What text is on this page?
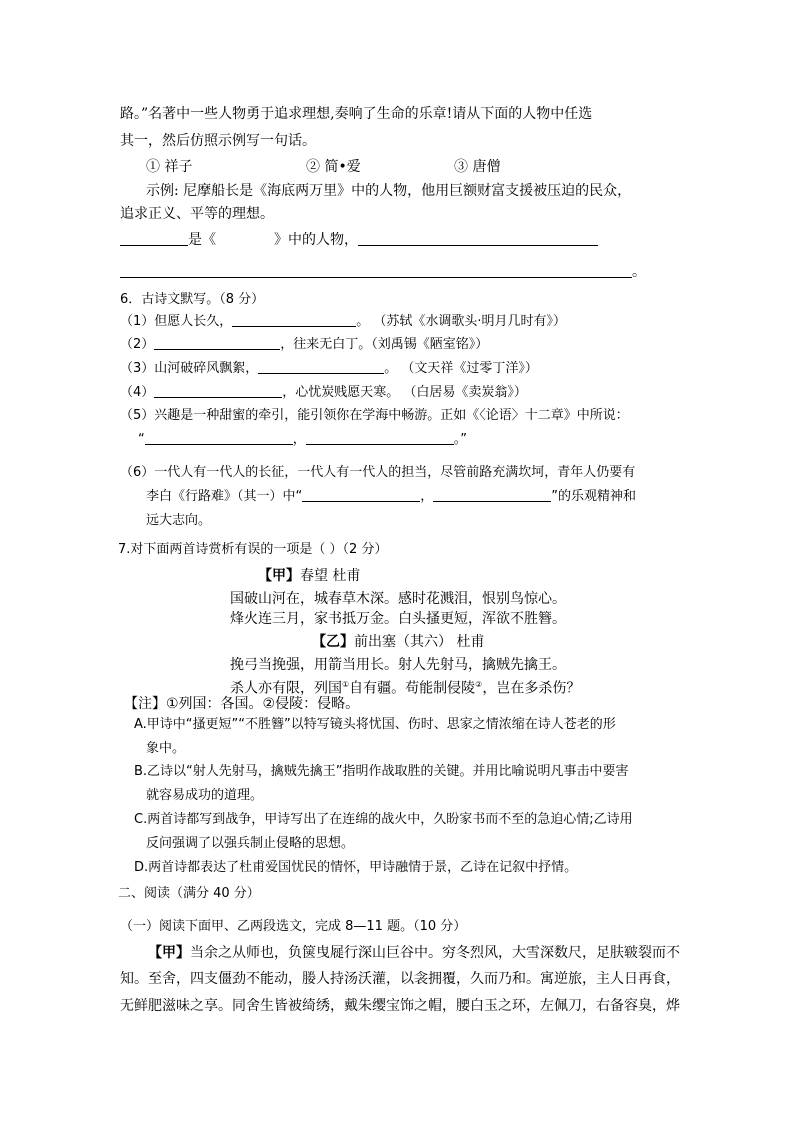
路。”名著中一些人物勇于追求理想,奏响了生命的乐章!请从下面的人物中任选
其一，然后仿照示例写一句话。
① 祥子	② 简•爱	③ 唐僧
示例: 尼摩船长是《海底两万里》中的人物，他用巨额财富支援被压迫的民众，
追求正义、平等的理想。
是《	》中的人物，
。
6．古诗文默写。（8 分）
（1）但愿人长久，	。 （苏轼《水调歌头·明月几时有》）
（2）	，往来无白丁。（刘禹锡《陋室铭》）
（3）山河破碎风飘絮，	。 （文天祥《过零丁洋》）
（4）	，心忧炭贱愿天寒。 （白居易《卖炭翁》）
（5）兴趣是一种甜蜜的牵引，能引领你在学海中畅游。正如《〈论语〉十二章》中所说：
“	，	。”
（6）一代人有一代人的长征，一代人有一代人的担当，尽管前路充满坎坷，青年人仍要有
李白《行路难》（其一）中“	，	”的乐观精神和
远大志向。
7.对下面两首诗赏析有误的一项是（ ）（2 分）
【甲】春望 杜甫
国破山河在，城春草木深。感时花溅泪，恨别鸟惊心。
烽火连三月，家书抵万金。白头搔更短，浑欲不胜簪。
【乙】前出塞（其六） 杜甫
挽弓当挽强，用箭当用长。射人先射马，擒贼先擒王。
杀人亦有限，列国①自有疆。苟能制侵陵②，岂在多杀伤？
【注】①列国：各国。②侵陵：侵略。
A.甲诗中“搔更短”“不胜簪”以特写镜头将忧国、伤时、思家之情浓缩在诗人苍老的形
象中。
B.乙诗以“射人先射马，擒贼先擒王”指明作战取胜的关键。并用比喻说明凡事击中要害
就容易成功的道理。
C.两首诗都写到战争，甲诗写出了在连绵的战火中，久盼家书而不至的急迫心情;乙诗用
反问强调了以强兵制止侵略的思想。
D.两首诗都表达了杜甫爱国忧民的情怀，甲诗融情于景，乙诗在记叙中抒情。
二、阅读（满分 40 分）
（一）阅读下面甲、乙两段选文，完成 8—11 题。（10 分）
【甲】当余之从师也，负箧曳屣行深山巨谷中。穷冬烈风，大雪深数尺，足肤皲裂而不
知。至舍，四支僵劲不能动，媵人持汤沃灌，以衾拥覆，久而乃和。寓逆旅，主人日再食，
无鲜肥滋味之享。同舍生皆被绮绣，戴朱缨宝饰之帽，腰白玉之环，左佩刀，右备容臭，烨
